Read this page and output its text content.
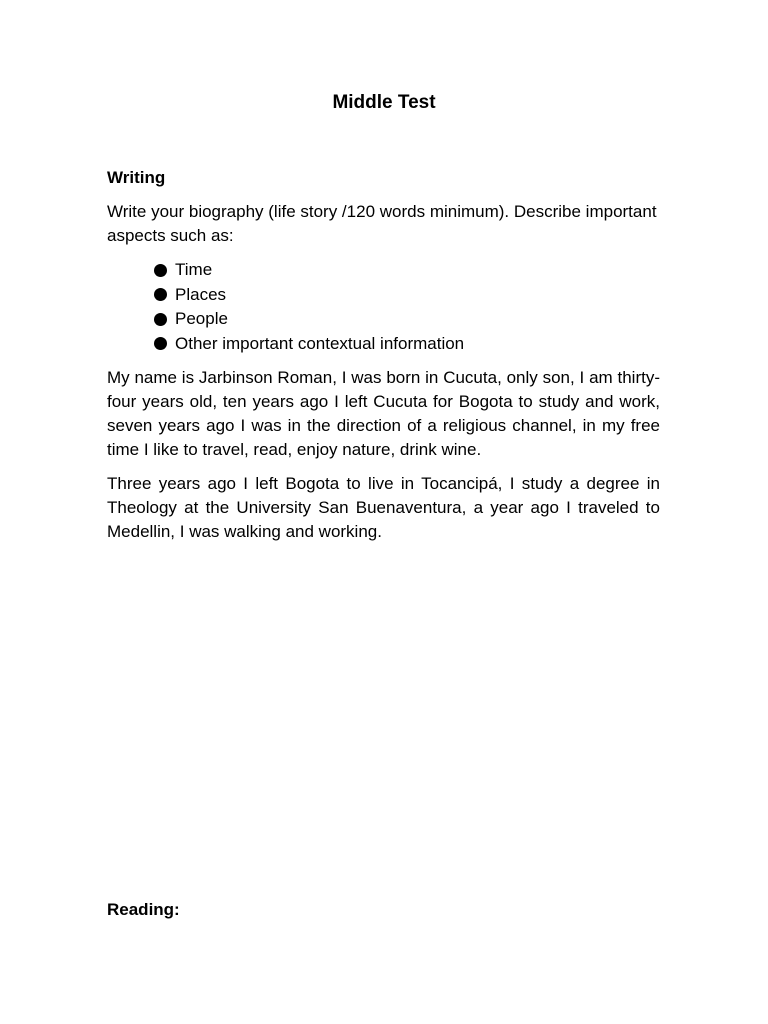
Middle Test

Writing

Write your biography (life story /120 words minimum). Describe important aspects such as:

Time
Places
People
Other important contextual information

My name is Jarbinson Roman, I was born in Cucuta, only son, I am thirty-four years old, ten years ago I left Cucuta for Bogota to study and work, seven years ago I was in the direction of a religious channel, in my free time I like to travel, read, enjoy nature, drink wine.

Three years ago I left Bogota to live in Tocancipá, I study a degree in Theology at the University San Buenaventura, a year ago I traveled to Medellin, I was walking and working.

Reading:
